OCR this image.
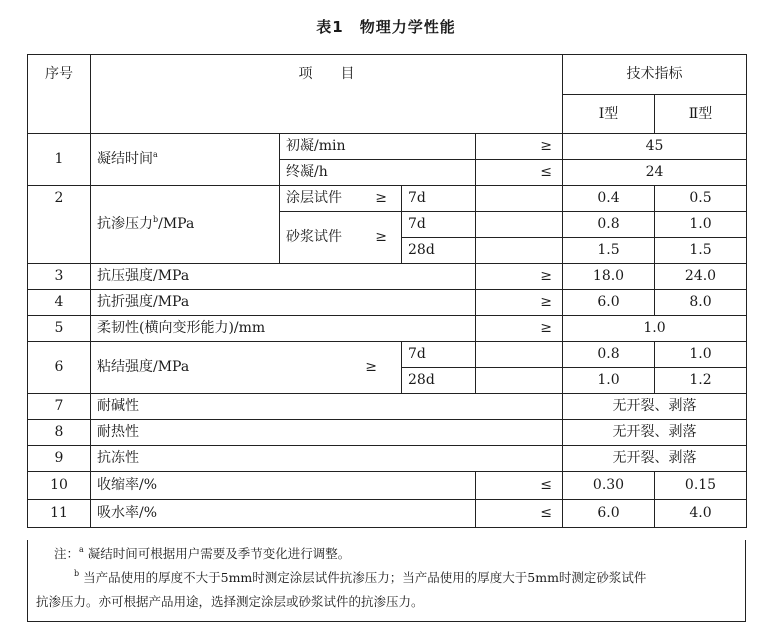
表1　物理力学性能
序号	项　　目				技术指标	
					Ⅰ型	Ⅱ型
1	凝结时间$^a$	初凝/min		≥	45	
		终凝/h		≤	24	
2	抗渗压力$^b$/MPa	涂层试件 ≥	7d		0.4	0.5
		砂浆试件 ≥	7d		0.8	1.0
			28d		1.5	1.5
3	抗压强度/MPa			≥	18.0	24.0
4	抗折强度/MPa			≥	6.0	8.0
5	柔韧性(横向变形能力)/mm			≥	1.0	
6	粘结强度/MPa ≥		7d		0.8	1.0
			28d		1.0	1.2
7	耐碱性				无开裂、剥落	
8	耐热性				无开裂、剥落	
9	抗冻性				无开裂、剥落	
10	收缩率/%			≤	0.30	0.15
11	吸水率/%			≤	6.0	4.0
注：$^a$ 凝结时间可根据用户需要及季节变化进行调整。
$^b$ 当产品使用的厚度不大于5mm时测定涂层试件抗渗压力；当产品使用的厚度大于5mm时测定砂浆试件
抗渗压力。亦可根据产品用途，选择测定涂层或砂浆试件的抗渗压力。
